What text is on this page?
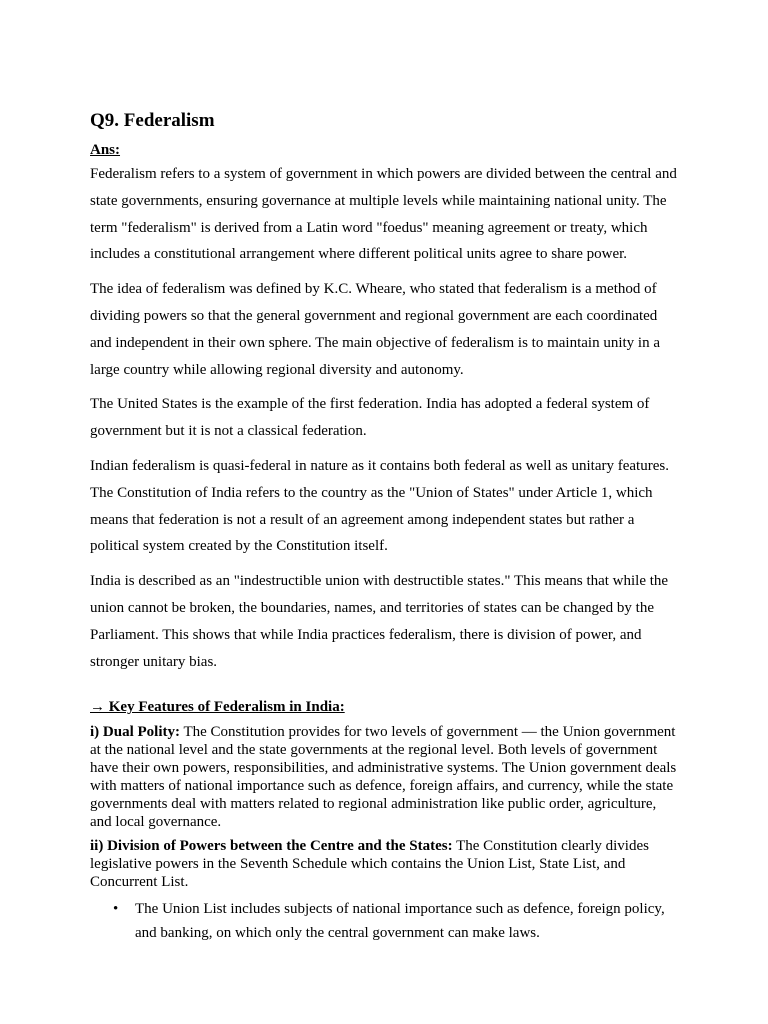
Q9. Federalism
Ans:

Federalism refers to a system of government in which powers are divided between the central and state governments, ensuring governance at multiple levels while maintaining national unity. The term "federalism" is derived from a Latin word "foedus" meaning agreement or treaty, which includes a constitutional arrangement where different political units agree to share power.

The idea of federalism was defined by K.C. Wheare, who stated that federalism is a method of dividing powers so that the general government and regional government are each coordinated and independent in their own sphere. The main objective of federalism is to maintain unity in a large country while allowing regional diversity and autonomy.

The United States is the example of the first federation. India has adopted a federal system of government but it is not a classical federation.

Indian federalism is quasi-federal in nature as it contains both federal as well as unitary features. The Constitution of India refers to the country as the "Union of States" under Article 1, which means that federation is not a result of an agreement among independent states but rather a political system created by the Constitution itself.

India is described as an "indestructible union with destructible states." This means that while the union cannot be broken, the boundaries, names, and territories of states can be changed by the Parliament. This shows that while India practices federalism, there is division of power, and stronger unitary bias.

→ Key Features of Federalism in India:

i) Dual Polity: The Constitution provides for two levels of government — the Union government at the national level and the state governments at the regional level. Both levels of government have their own powers, responsibilities, and administrative systems. The Union government deals with matters of national importance such as defence, foreign affairs, and currency, while the state governments deal with matters related to regional administration like public order, agriculture, and local governance.

ii) Division of Powers between the Centre and the States: The Constitution clearly divides legislative powers in the Seventh Schedule which contains the Union List, State List, and Concurrent List.

• The Union List includes subjects of national importance such as defence, foreign policy, and banking, on which only the central government can make laws.
